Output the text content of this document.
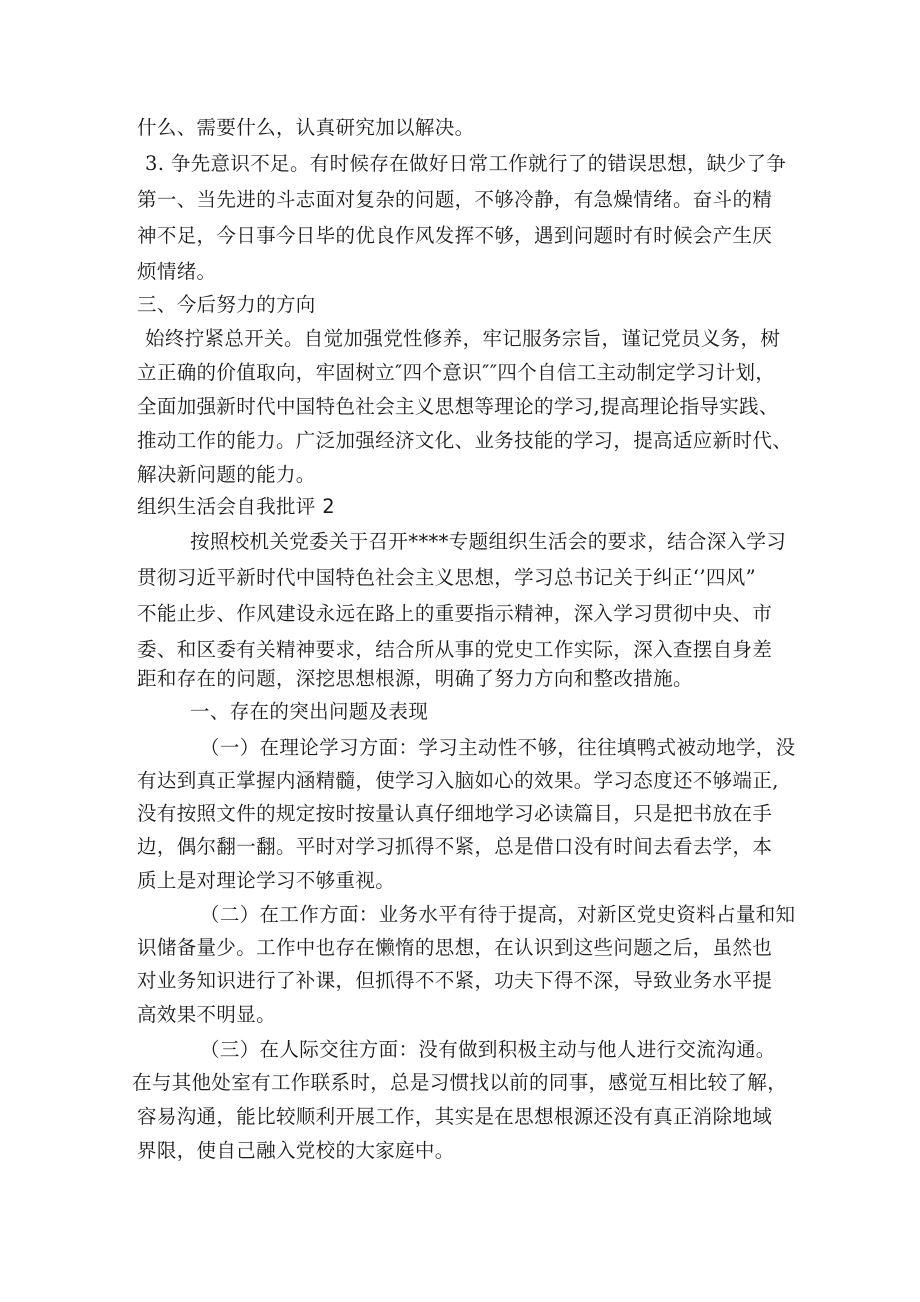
什么、需要什么，认真研究加以解决。
3. 争先意识不足。有时候存在做好日常工作就行了的错误思想，缺少了争
第一、当先进的斗志面对复杂的问题，不够冷静，有急燥情绪。奋斗的精
神不足，今日事今日毕的优良作风发挥不够，遇到问题时有时候会产生厌
烦情绪。
三、今后努力的方向
始终拧紧总开关。自觉加强党性修养，牢记服务宗旨，谨记党员义务，树
立正确的价值取向，牢固树立″四个意识″″四个自信工主动制定学习计划，
全面加强新时代中国特色社会主义思想等理论的学习,提高理论指导实践、
推动工作的能力。广泛加强经济文化、业务技能的学习，提高适应新时代、
解决新问题的能力。
组织生活会自我批评 2
按照校机关党委关于召开****专题组织生活会的要求，结合深入学习
贯彻习近平新时代中国特色社会主义思想，学习总书记关于纠正‘’四风”
不能止步、作风建设永远在路上的重要指示精神，深入学习贯彻中央、市
委、和区委有关精神要求，结合所从事的党史工作实际，深入查摆自身差
距和存在的问题，深挖思想根源，明确了努力方向和整改措施。
一、存在的突出问题及表现
（一）在理论学习方面：学习主动性不够，往往填鸭式被动地学，没
有达到真正掌握内涵精髓，使学习入脑如心的效果。学习态度还不够端正,
没有按照文件的规定按时按量认真仔细地学习必读篇目，只是把书放在手
边，偶尔翻一翻。平时对学习抓得不紧，总是借口没有时间去看去学，本
质上是对理论学习不够重视。
（二）在工作方面：业务水平有待于提高，对新区党史资料占量和知
识储备量少。工作中也存在懒惰的思想，在认识到这些问题之后，虽然也
对业务知识进行了补课，但抓得不不紧，功夫下得不深，导致业务水平提
高效果不明显。
（三）在人际交往方面：没有做到积极主动与他人进行交流沟通。
在与其他处室有工作联系时，总是习惯找以前的同事，感觉互相比较了解，
容易沟通，能比较顺利开展工作，其实是在思想根源还没有真正消除地域
界限，使自己融入党校的大家庭中。
